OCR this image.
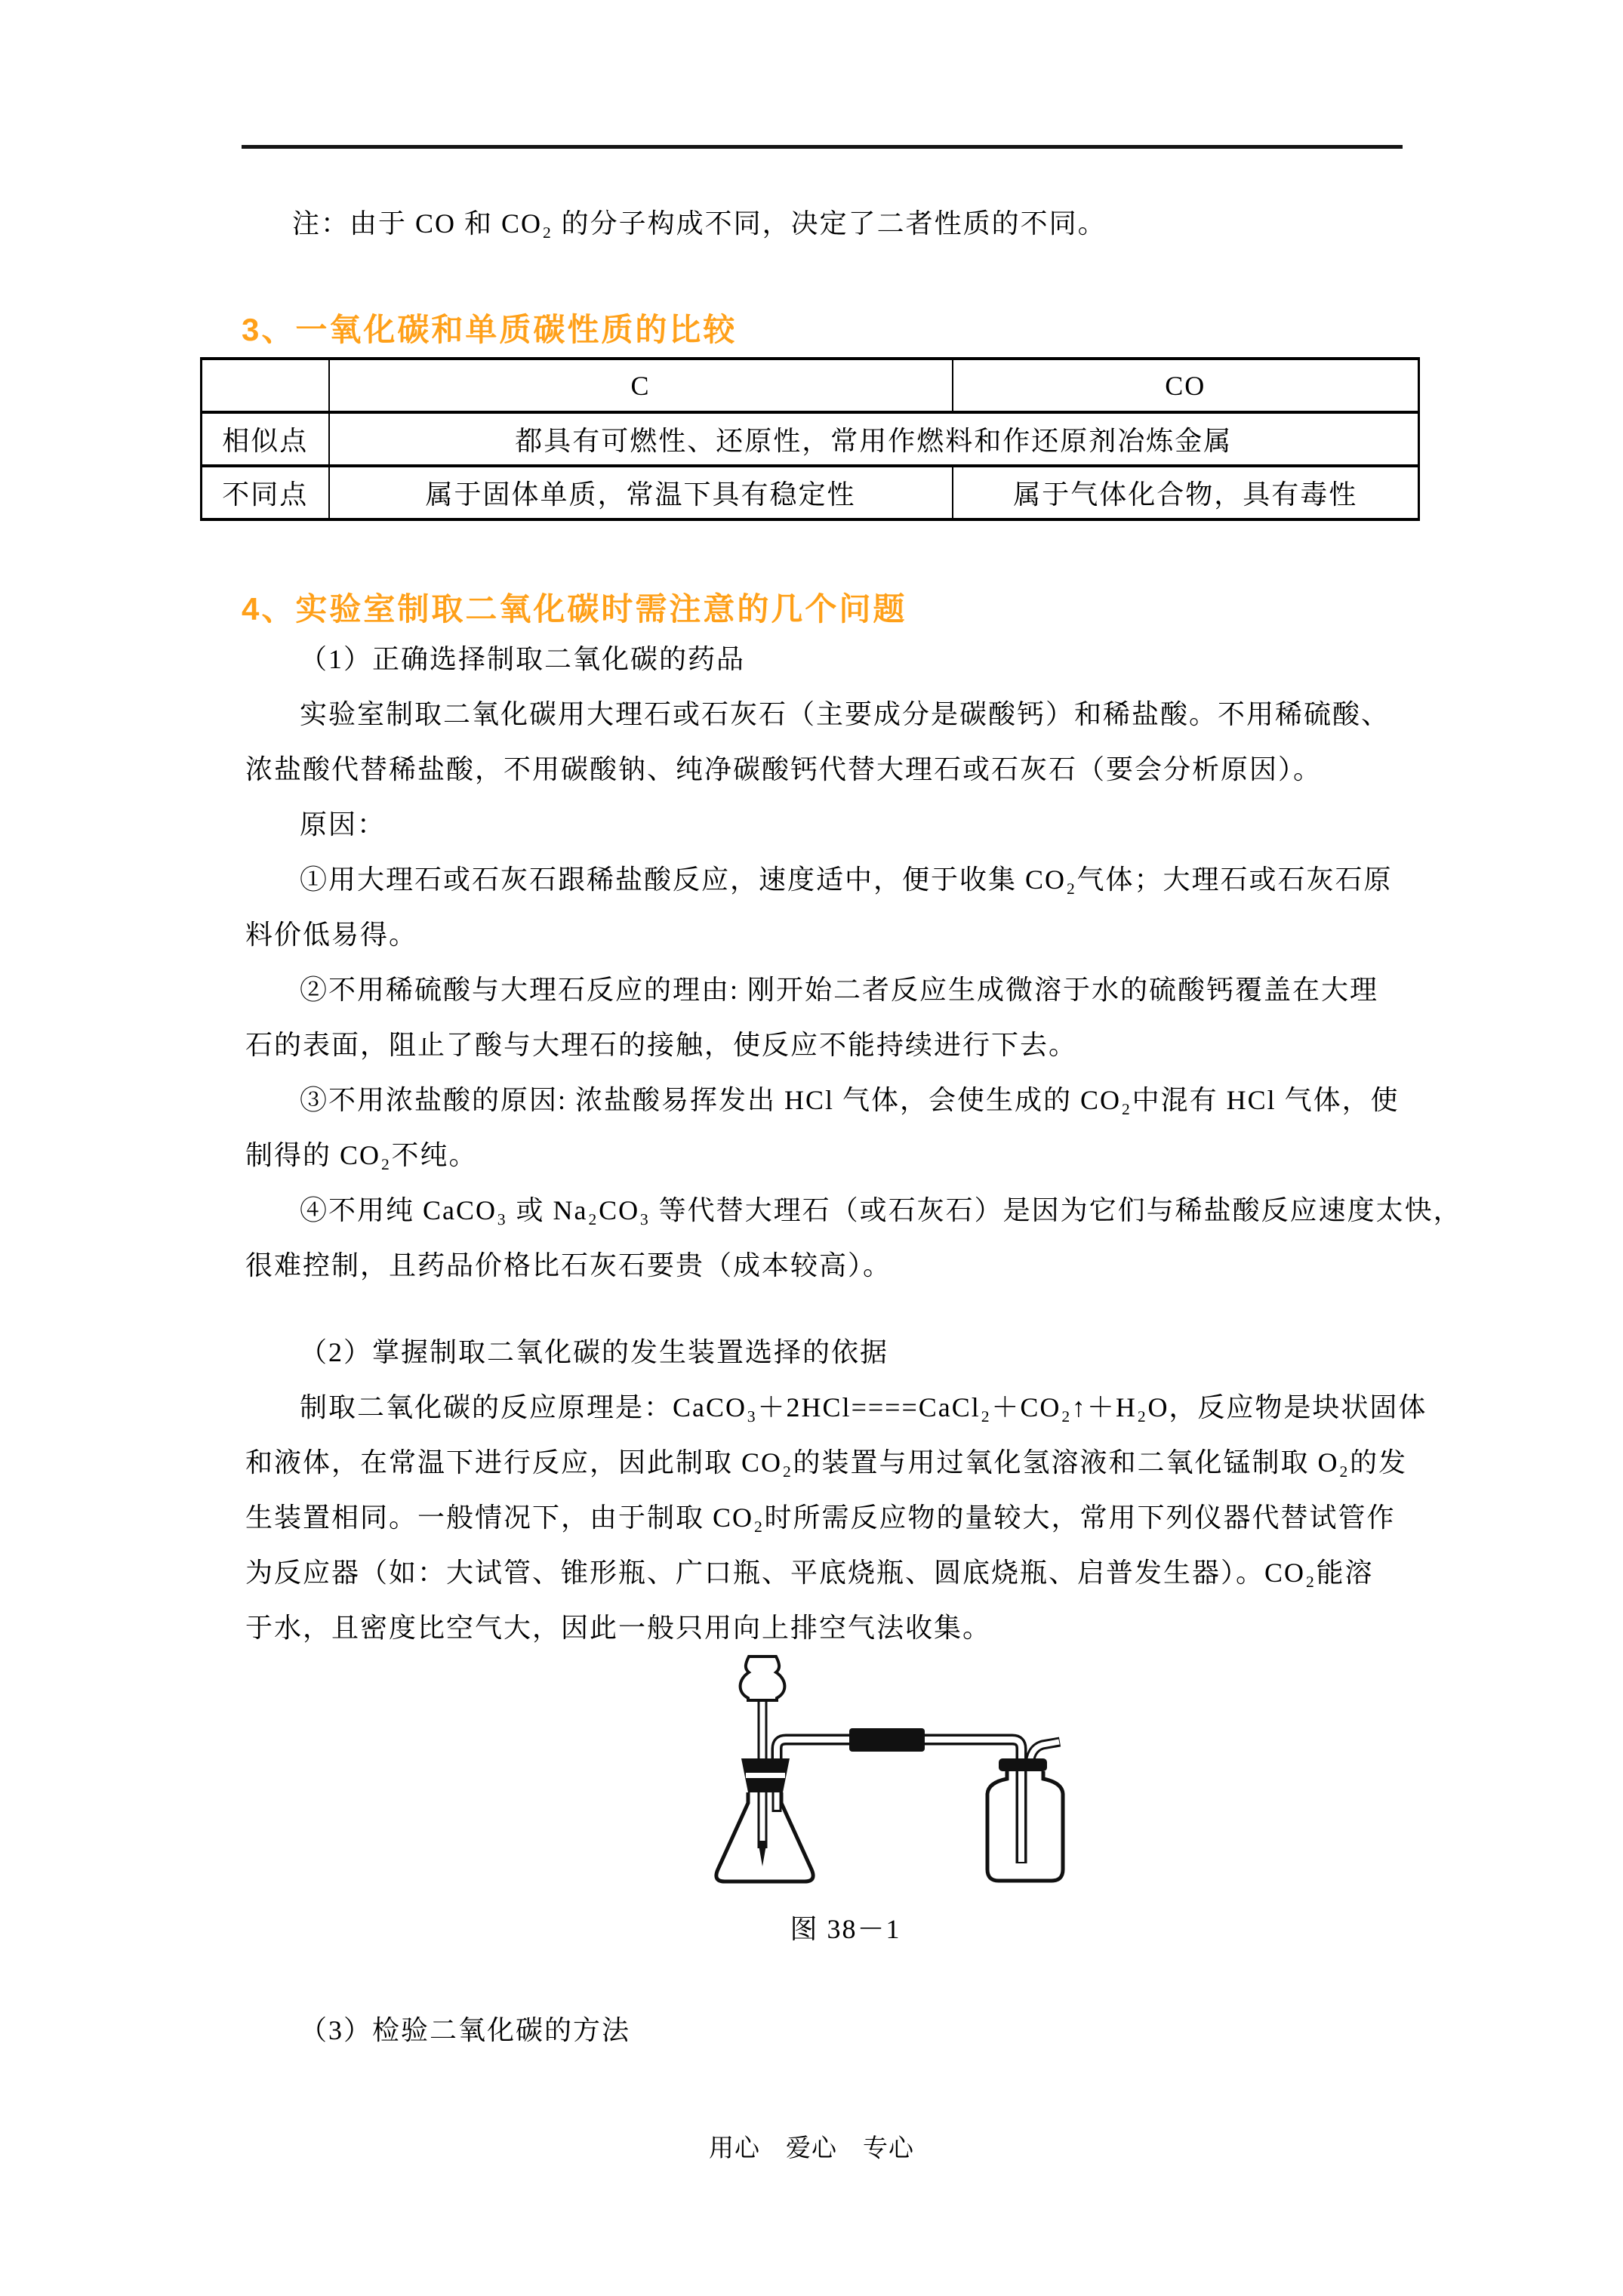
注：由于 CO 和 CO₂ 的分子构成不同，决定了二者性质的不同。
3、一氧化碳和单质碳性质的比较
	C	CO
相似点	都具有可燃性、还原性，常用作燃料和作还原剂冶炼金属	
不同点	属于固体单质，常温下具有稳定性	属于气体化合物，具有毒性
4、实验室制取二氧化碳时需注意的几个问题
（1）正确选择制取二氧化碳的药品
实验室制取二氧化碳用大理石或石灰石（主要成分是碳酸钙）和稀盐酸。不用稀硫酸、
浓盐酸代替稀盐酸，不用碳酸钠、纯净碳酸钙代替大理石或石灰石（要会分析原因）。
原因：
①用大理石或石灰石跟稀盐酸反应，速度适中，便于收集 CO₂气体；大理石或石灰石原
料价低易得。
②不用稀硫酸与大理石反应的理由: 刚开始二者反应生成微溶于水的硫酸钙覆盖在大理
石的表面，阻止了酸与大理石的接触，使反应不能持续进行下去。
③不用浓盐酸的原因: 浓盐酸易挥发出 HCl 气体，会使生成的 CO₂中混有 HCl 气体，使
制得的 CO₂不纯。
④不用纯 CaCO₃ 或 Na₂CO₃ 等代替大理石（或石灰石）是因为它们与稀盐酸反应速度太快，
很难控制，且药品价格比石灰石要贵（成本较高）。
（2）掌握制取二氧化碳的发生装置选择的依据
制取二氧化碳的反应原理是：CaCO₃＋2HCl====CaCl₂＋CO₂↑＋H₂O，反应物是块状固体
和液体，在常温下进行反应，因此制取 CO₂的装置与用过氧化氢溶液和二氧化锰制取 O₂的发
生装置相同。一般情况下，由于制取 CO₂时所需反应物的量较大，常用下列仪器代替试管作
为反应器（如：大试管、锥形瓶、广口瓶、平底烧瓶、圆底烧瓶、启普发生器）。CO₂能溶
于水，且密度比空气大，因此一般只用向上排空气法收集。
图 38－1
（3）检验二氧化碳的方法
用心　爱心　专心
